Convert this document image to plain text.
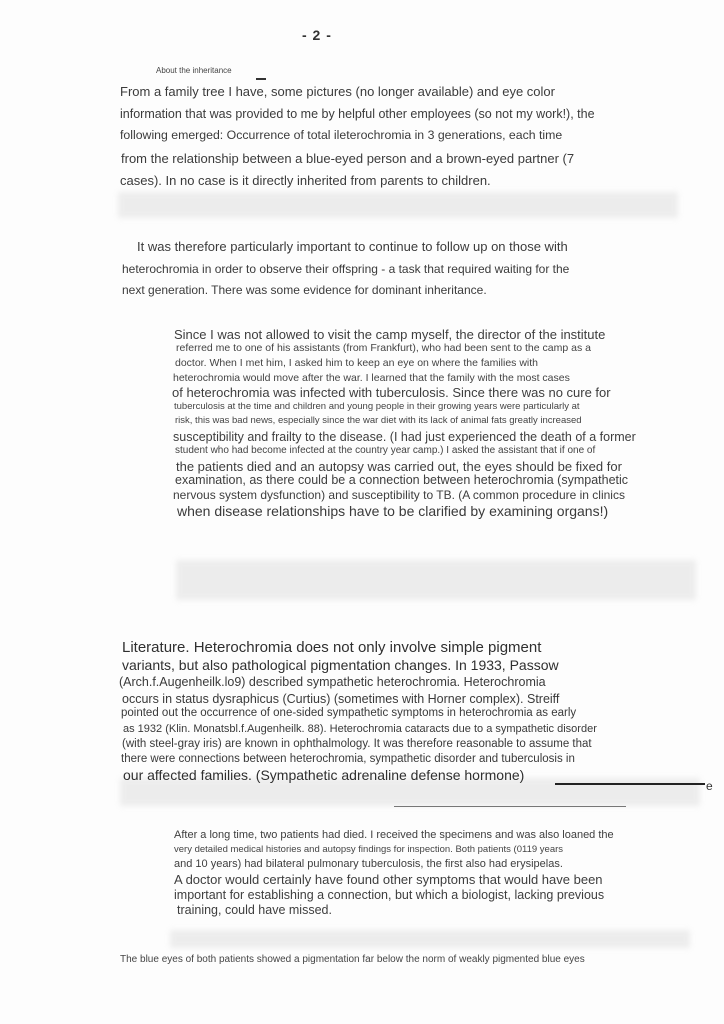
- 2 -

About the inheritance

From a family tree I have, some pictures (no longer available) and eye color

information that was provided to me by helpful other employees (so not my work!), the

following emerged: Occurrence of total ileterochromia in 3 generations, each time

from the relationship between a blue-eyed person and a brown-eyed partner (7

cases). In no case is it directly inherited from parents to children.

It was therefore particularly important to continue to follow up on those with

heterochromia in order to observe their offspring - a task that required waiting for the

next generation. There was some evidence for dominant inheritance.

Since I was not allowed to visit the camp myself, the director of the institute

referred me to one of his assistants (from Frankfurt), who had been sent to the camp as a

doctor. When I met him, I asked him to keep an eye on where the families with

heterochromia would move after the war. I learned that the family with the most cases

of heterochromia was infected with tuberculosis. Since there was no cure for

tuberculosis at the time and children and young people in their growing years were particularly at

risk, this was bad news, especially since the war diet with its lack of animal fats greatly increased

susceptibility and frailty to the disease. (I had just experienced the death of a former

student who had become infected at the country year camp.) I asked the assistant that if one of

the patients died and an autopsy was carried out, the eyes should be fixed for

examination, as there could be a connection between heterochromia (sympathetic

nervous system dysfunction) and susceptibility to TB. (A common procedure in clinics

when disease relationships have to be clarified by examining organs!)

Literature. Heterochromia does not only involve simple pigment

variants, but also pathological pigmentation changes. In 1933, Passow

(Arch.f.Augenheilk.lo9) described sympathetic heterochromia. Heterochromia

occurs in status dysraphicus (Curtius) (sometimes with Horner complex). Streiff

pointed out the occurrence of one-sided sympathetic symptoms in heterochromia as early

as 1932 (Klin. Monatsbl.f.Augenheilk. 88). Heterochromia cataracts due to a sympathetic disorder

(with steel-gray iris) are known in ophthalmology. It was therefore reasonable to assume that

there were connections between heterochromia, sympathetic disorder and tuberculosis in

our affected families. (Sympathetic adrenaline defense hormone)

e

After a long time, two patients had died. I received the specimens and was also loaned the

very detailed medical histories and autopsy findings for inspection. Both patients (0119 years

and 10 years) had bilateral pulmonary tuberculosis, the first also had erysipelas.

A doctor would certainly have found other symptoms that would have been

important for establishing a connection, but which a biologist, lacking previous

training, could have missed.

The blue eyes of both patients showed a pigmentation far below the norm of weakly pigmented blue eyes
